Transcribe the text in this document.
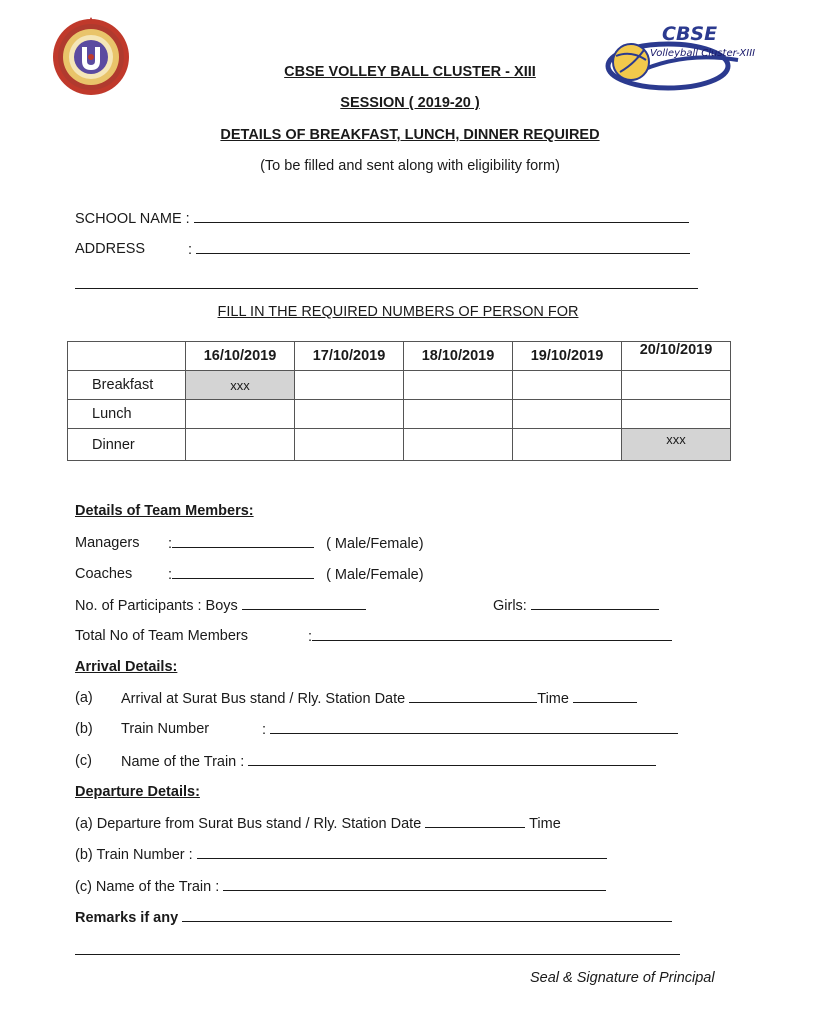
CBSE
Volleyball Cluster-XIII
CBSE VOLLEY BALL CLUSTER - XIII
SESSION ( 2019-20 )
DETAILS OF BREAKFAST, LUNCH, DINNER REQUIRED
(To be filled and sent along with eligibility form)
SCHOOL NAME :
ADDRESS	:
FILL IN THE REQUIRED NUMBERS OF PERSON FOR
	16/10/2019	17/10/2019	18/10/2019	19/10/2019	20/10/2019
Breakfast	xxx				
Lunch					
Dinner					xxx
Details of Team Members:
Managers :	( Male/Female)
Coaches :	( Male/Female)
No. of Participants : Boys	Girls:
Total No of Team Members	:
Arrival Details:
(a) Arrival at Surat Bus stand / Rly. Station Date	Time
(b) Train Number	:
(c) Name of the Train :
Departure Details:
(a) Departure from Surat Bus stand / Rly. Station Date	Time
(b) Train Number :
(c) Name of the Train :
Remarks if any
Seal & Signature of Principal
